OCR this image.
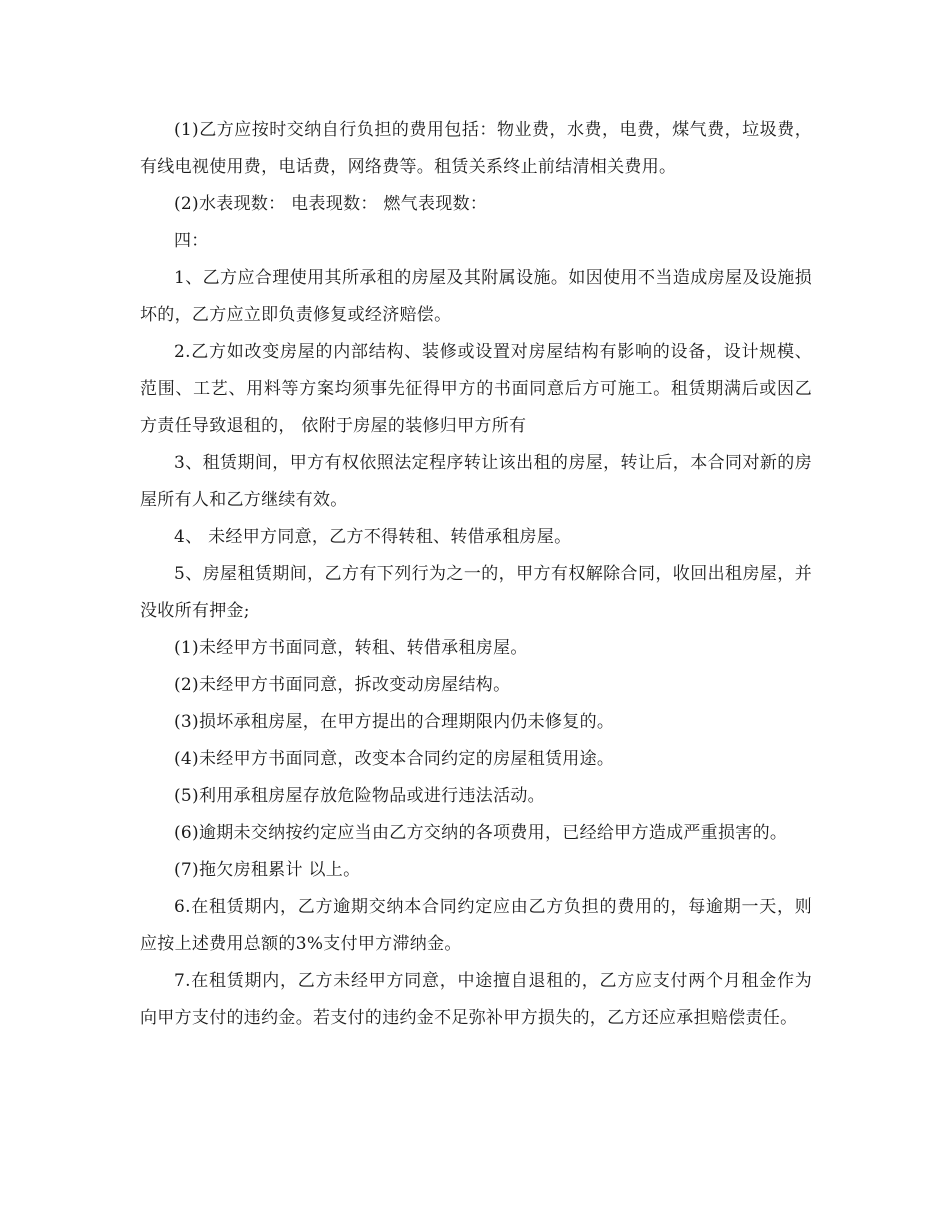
(1)乙方应按时交纳自行负担的费用包括：物业费，水费，电费，煤气费，垃圾费，有线电视使用费，电话费，网络费等。租赁关系终止前结清相关费用。

(2)水表现数： 电表现数： 燃气表现数：

四：

1、乙方应合理使用其所承租的房屋及其附属设施。如因使用不当造成房屋及设施损坏的，乙方应立即负责修复或经济赔偿。

2.乙方如改变房屋的内部结构、装修或设置对房屋结构有影响的设备，设计规模、范围、工艺、用料等方案均须事先征得甲方的书面同意后方可施工。租赁期满后或因乙方责任导致退租的， 依附于房屋的装修归甲方所有

3、租赁期间，甲方有权依照法定程序转让该出租的房屋，转让后，本合同对新的房屋所有人和乙方继续有效。

4、 未经甲方同意，乙方不得转租、转借承租房屋。

5、房屋租赁期间，乙方有下列行为之一的，甲方有权解除合同，收回出租房屋，并没收所有押金;

(1)未经甲方书面同意，转租、转借承租房屋。

(2)未经甲方书面同意，拆改变动房屋结构。

(3)损坏承租房屋，在甲方提出的合理期限内仍未修复的。

(4)未经甲方书面同意，改变本合同约定的房屋租赁用途。

(5)利用承租房屋存放危险物品或进行违法活动。

(6)逾期未交纳按约定应当由乙方交纳的各项费用，已经给甲方造成严重损害的。

(7)拖欠房租累计 以上。

6.在租赁期内，乙方逾期交纳本合同约定应由乙方负担的费用的，每逾期一天，则应按上述费用总额的3%支付甲方滞纳金。

7.在租赁期内，乙方未经甲方同意，中途擅自退租的，乙方应支付两个月租金作为向甲方支付的违约金。若支付的违约金不足弥补甲方损失的，乙方还应承担赔偿责任。
